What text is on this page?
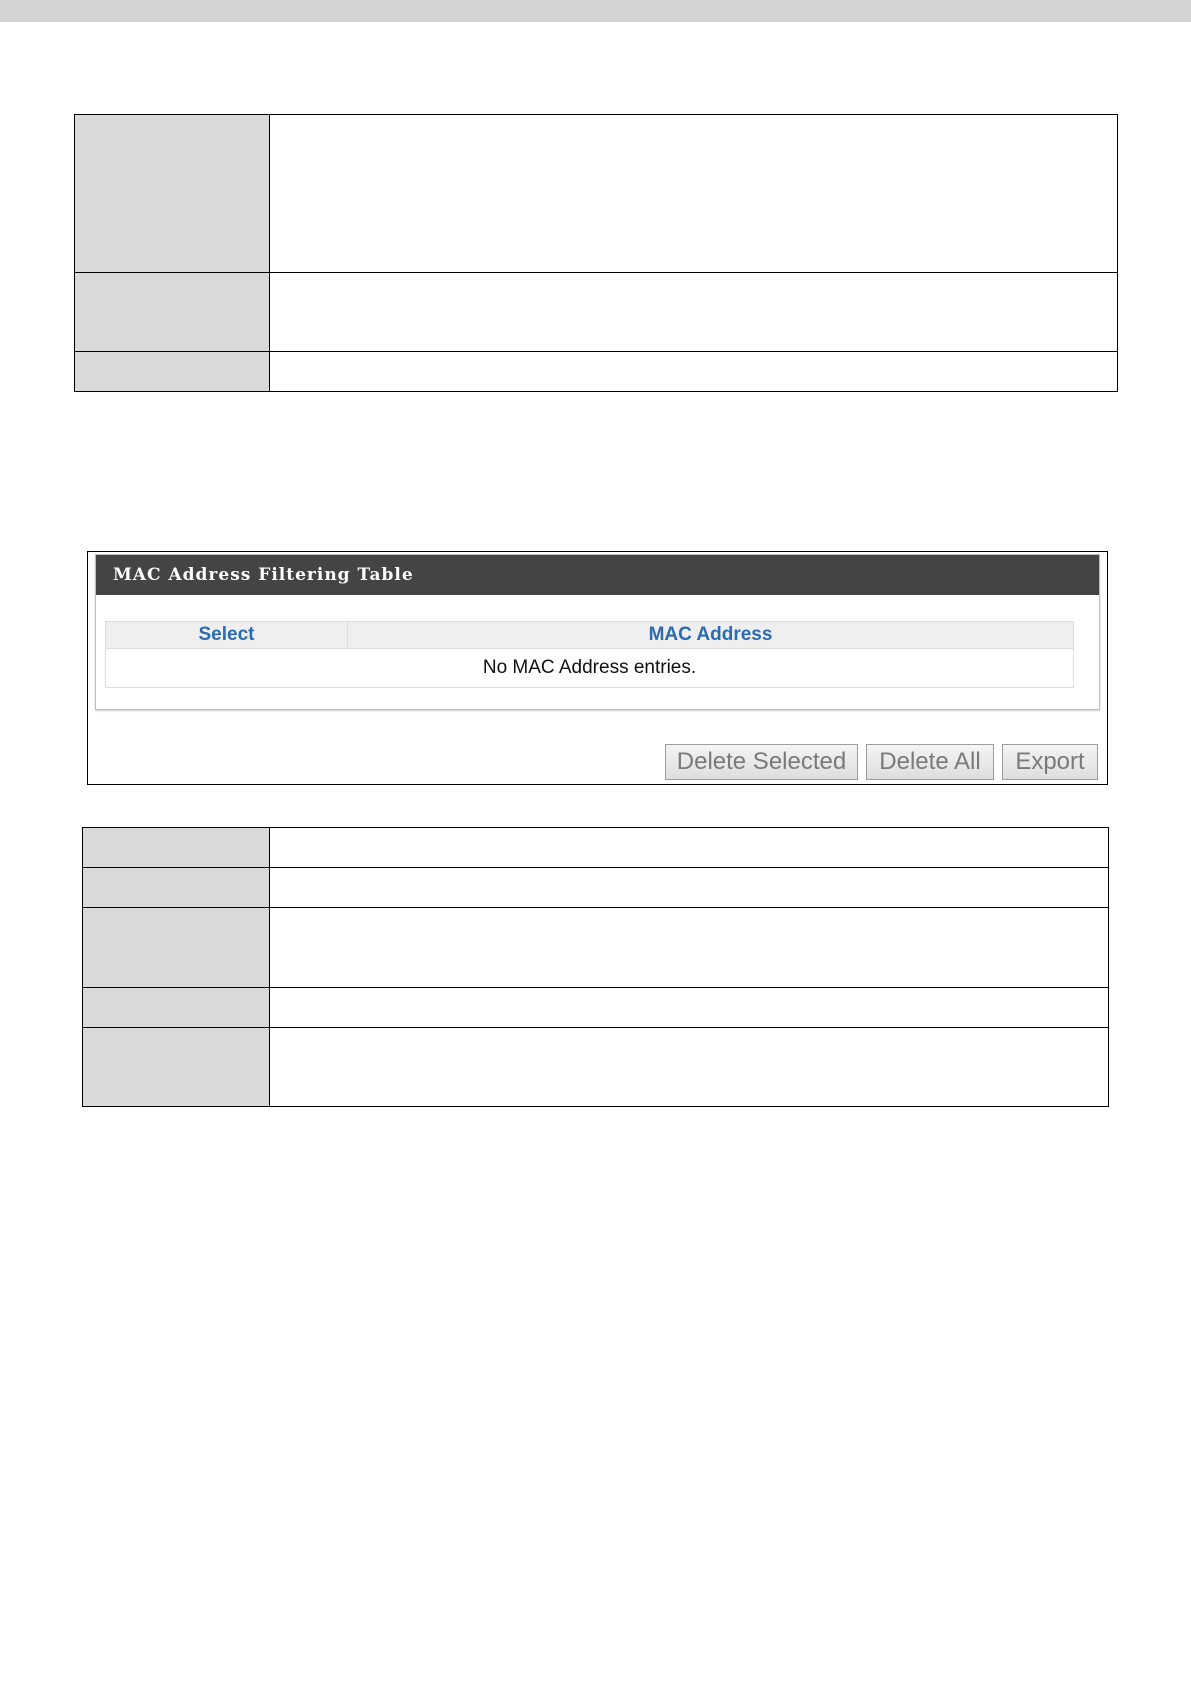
MAC Address Filtering Table
Select	MAC Address
No MAC Address entries.
Delete Selected	Delete All	Export
